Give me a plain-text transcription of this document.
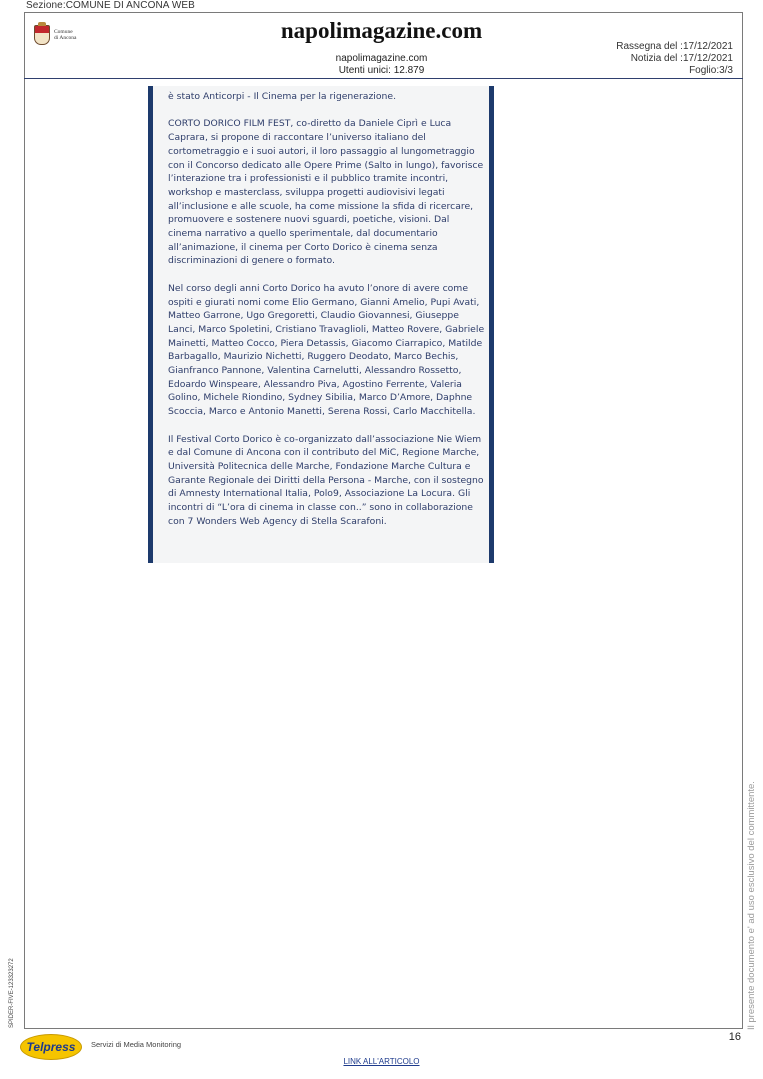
Sezione:COMUNE DI ANCONA WEB
Comune
di Ancona	napolimagazine.com
napolimagazine.com
Utenti unici: 12.879
Rassegna del :17/12/2021
Notizia del :17/12/2021
Foglio:3/3

è stato Anticorpi - Il Cinema per la rigenerazione.

CORTO DORICO FILM FEST, co-diretto da Daniele Ciprì e Luca Caprara, si propone di raccontare l’universo italiano del cortometraggio e i suoi autori, il loro passaggio al lungometraggio con il Concorso dedicato alle Opere Prime (Salto in lungo), favorisce l’interazione tra i professionisti e il pubblico tramite incontri, workshop e masterclass, sviluppa progetti audiovisivi legati all’inclusione e alle scuole, ha come missione la sfida di ricercare, promuovere e sostenere nuovi sguardi, poetiche, visioni. Dal cinema narrativo a quello sperimentale, dal documentario all’animazione, il cinema per Corto Dorico è cinema senza discriminazioni di genere o formato.

Nel corso degli anni Corto Dorico ha avuto l’onore di avere come ospiti e giurati nomi come Elio Germano, Gianni Amelio, Pupi Avati, Matteo Garrone, Ugo Gregoretti, Claudio Giovannesi, Giuseppe Lanci, Marco Spoletini, Cristiano Travaglioli, Matteo Rovere, Gabriele Mainetti, Matteo Cocco, Piera Detassis, Giacomo Ciarrapico, Matilde Barbagallo, Maurizio Nichetti, Ruggero Deodato, Marco Bechis, Gianfranco Pannone, Valentina Carnelutti, Alessandro Rossetto, Edoardo Winspeare, Alessandro Piva, Agostino Ferrente, Valeria Golino, Michele Riondino, Sydney Sibilia, Marco D’Amore, Daphne Scoccia, Marco e Antonio Manetti, Serena Rossi, Carlo Macchitella.

Il Festival Corto Dorico è co-organizzato dall’associazione Nie Wiem e dal Comune di Ancona con il contributo del MiC, Regione Marche, Università Politecnica delle Marche, Fondazione Marche Cultura e Garante Regionale dei Diritti della Persona - Marche, con il sostegno di Amnesty International Italia, Polo9, Associazione La Locura. Gli incontri di “L’ora di cinema in classe con..” sono in collaborazione con 7 Wonders Web Agency di Stella Scarafoni.

Il presente documento e' ad uso esclusivo del committente.
SPIDER-FIVE-123323272
16
Telpress	Servizi di Media Monitoring
LINK ALL'ARTICOLO
